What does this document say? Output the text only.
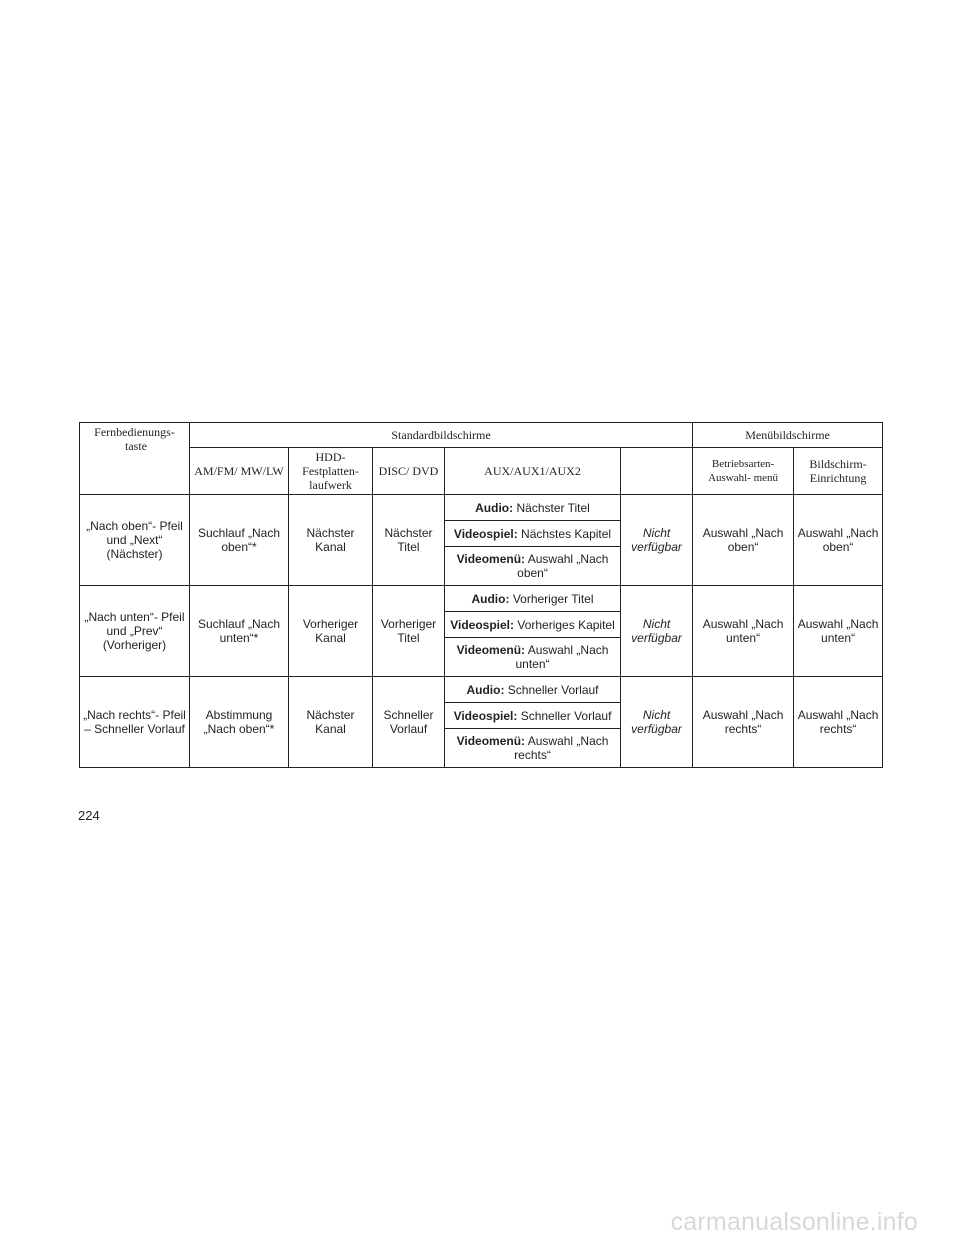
Fernbedienungs- taste	Standardbildschirme					Menübildschirme	
	AM/FM/ MW/LW	HDD- Festplatten- laufwerk	DISC/ DVD	AUX/AUX1/AUX2		Betriebsarten- Auswahl- menü	Bildschirm- Einrichtung
„Nach oben“- Pfeil und „Next“ (Nächster)	Suchlauf „Nach oben“*	Nächster Kanal	Nächster Titel	Audio: Nächster Titel	Nicht verfügbar	Auswahl „Nach oben“	Auswahl „Nach oben“
				Videospiel: Nächstes Kapitel			
				Videomenü: Auswahl „Nach oben“			
„Nach unten“- Pfeil und „Prev“ (Vorheriger)	Suchlauf „Nach unten“*	Vorheriger Kanal	Vorheriger Titel	Audio: Vorheriger Titel	Nicht verfügbar	Auswahl „Nach unten“	Auswahl „Nach unten“
				Videospiel: Vorheriges Kapitel			
				Videomenü: Auswahl „Nach unten“			
„Nach rechts“- Pfeil – Schneller Vorlauf	Abstimmung „Nach oben“*	Nächster Kanal	Schneller Vorlauf	Audio: Schneller Vorlauf	Nicht verfügbar	Auswahl „Nach rechts“	Auswahl „Nach rechts“
				Videospiel: Schneller Vorlauf			
				Videomenü: Auswahl „Nach rechts“			
224
carmanualsonline.info
